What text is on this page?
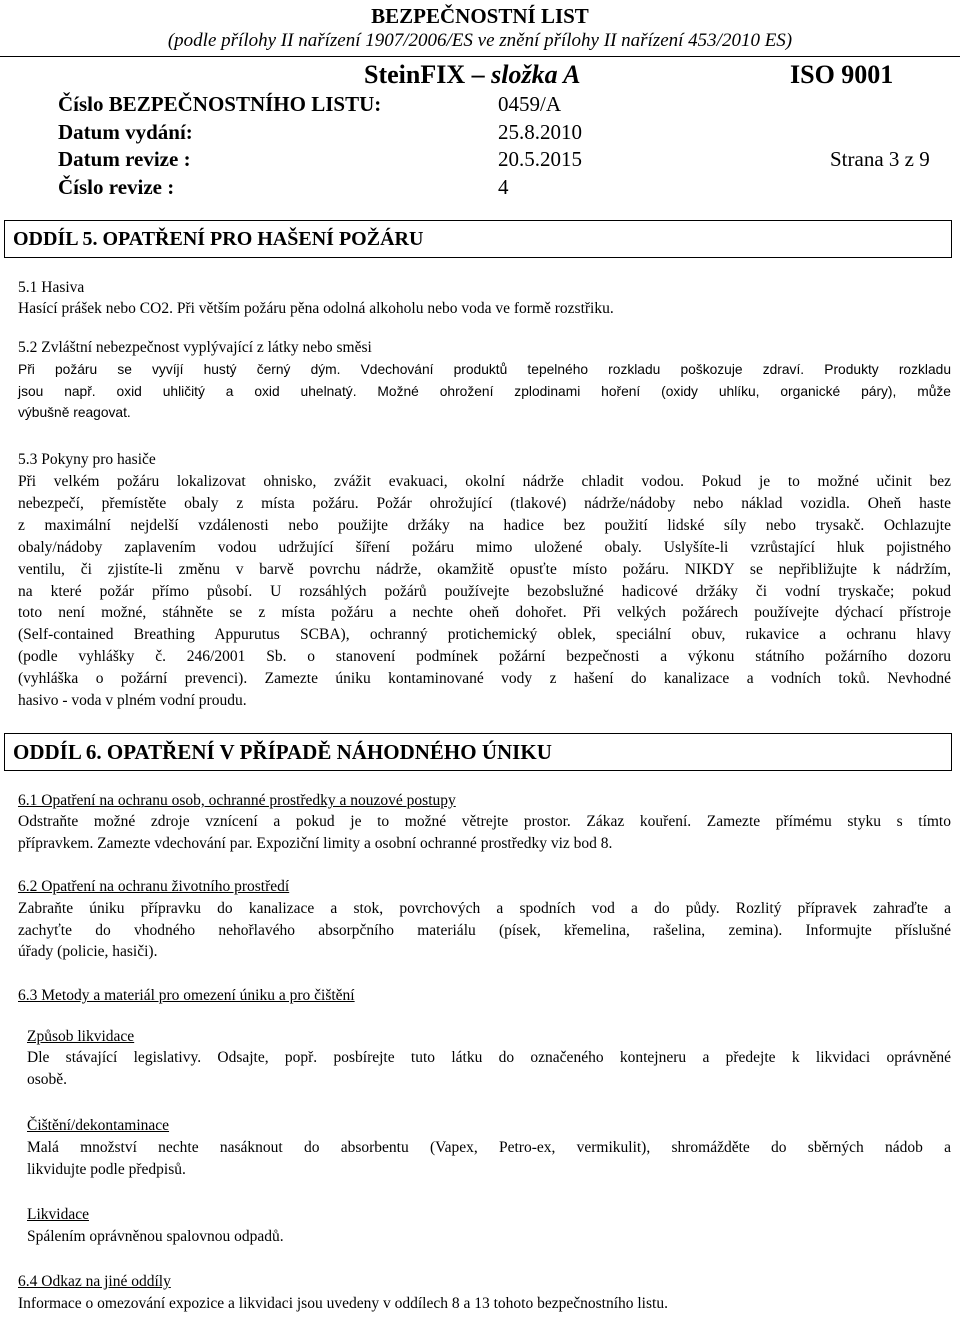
BEZPEČNOSTNÍ LIST
(podle přílohy II nařízení 1907/2006/ES ve znění přílohy II nařízení 453/2010 ES)
SteinFIX – složka A	ISO 9001
Číslo BEZPEČNOSTNÍHO LISTU:	0459/A
Datum vydání:	25.8.2010
Datum revize :	20.5.2015	Strana 3 z 9
Číslo revize :	4
ODDÍL 5. OPATŘENÍ PRO HAŠENÍ POŽÁRU
5.1 Hasiva
Hasící prášek nebo CO2. Při větším požáru pěna odolná alkoholu nebo voda ve formě rozstřiku.
5.2 Zvláštní nebezpečnost vyplývající z látky nebo směsi
Při požáru se vyvíjí hustý černý dým. Vdechování produktů tepelného rozkladu poškozuje zdraví. Produkty rozkladu
jsou např. oxid uhličitý a oxid uhelnatý. Možné ohrožení zplodinami hoření (oxidy uhlíku, organické páry), může
výbušně reagovat.
5.3 Pokyny pro hasiče
Při velkém požáru lokalizovat ohnisko, zvážit evakuaci, okolní nádrže chladit vodou. Pokud je to možné učinit bez
nebezpečí, přemístěte obaly z místa požáru. Požár ohrožující (tlakové) nádrže/nádoby nebo náklad vozidla. Oheň haste
z maximální nejdelší vzdálenosti nebo použijte držáky na hadice bez použití lidské síly nebo trysakč. Ochlazujte
obaly/nádoby zaplavením vodou udržující šíření požáru mimo uložené obaly. Uslyšíte-li vzrůstající hluk pojistného
ventilu, či zjistíte-li změnu v barvě povrchu nádrže, okamžitě opusťte místo požáru. NIKDY se nepřibližujte k nádržím,
na které požár přímo působí. U rozsáhlých požárů používejte bezobslužné hadicové držáky či vodní tryskače; pokud
toto není možné, stáhněte se z místa požáru a nechte oheň dohořet. Při velkých požárech používejte dýchací přístroje
(Self-contained Breathing Appurutus SCBA), ochranný protichemický oblek, speciální obuv, rukavice a ochranu hlavy
(podle vyhlášky č. 246/2001 Sb. o stanovení podmínek požární bezpečnosti a výkonu státního požárního dozoru
(vyhláška o požární prevenci). Zamezte úniku kontaminované vody z hašení do kanalizace a vodních toků. Nevhodné
hasivo - voda v plném vodní proudu.
ODDÍL 6. OPATŘENÍ V PŘÍPADĚ NÁHODNÉHO ÚNIKU
6.1 Opatření na ochranu osob, ochranné prostředky a nouzové postupy
Odstraňte možné zdroje vznícení a pokud je to možné větrejte prostor. Zákaz kouření. Zamezte přímému styku s tímto
přípravkem. Zamezte vdechování par. Expoziční limity a osobní ochranné prostředky viz bod 8.
6.2 Opatření na ochranu životního prostředí
Zabraňte úniku přípravku do kanalizace a stok, povrchových a spodních vod a do půdy. Rozlitý přípravek zahraďte a
zachyťte do vhodného nehořlavého absorpčního materiálu (písek, křemelina, rašelina, zemina). Informujte příslušné
úřady (policie, hasiči).
6.3 Metody a materiál pro omezení úniku a pro čištění
Způsob likvidace
Dle stávající legislativy. Odsajte, popř. posbírejte tuto látku do označeného kontejneru a předejte k likvidaci oprávněné
osobě.
Čištění/dekontaminace
Malá množství nechte nasáknout do absorbentu (Vapex, Petro-ex, vermikulit), shromážděte do sběrných nádob a
likvidujte podle předpisů.
Likvidace
Spálením oprávněnou spalovnou odpadů.
6.4 Odkaz na jiné oddíly
Informace o omezování expozice a likvidaci jsou uvedeny v oddílech 8 a 13 tohoto bezpečnostního listu.
